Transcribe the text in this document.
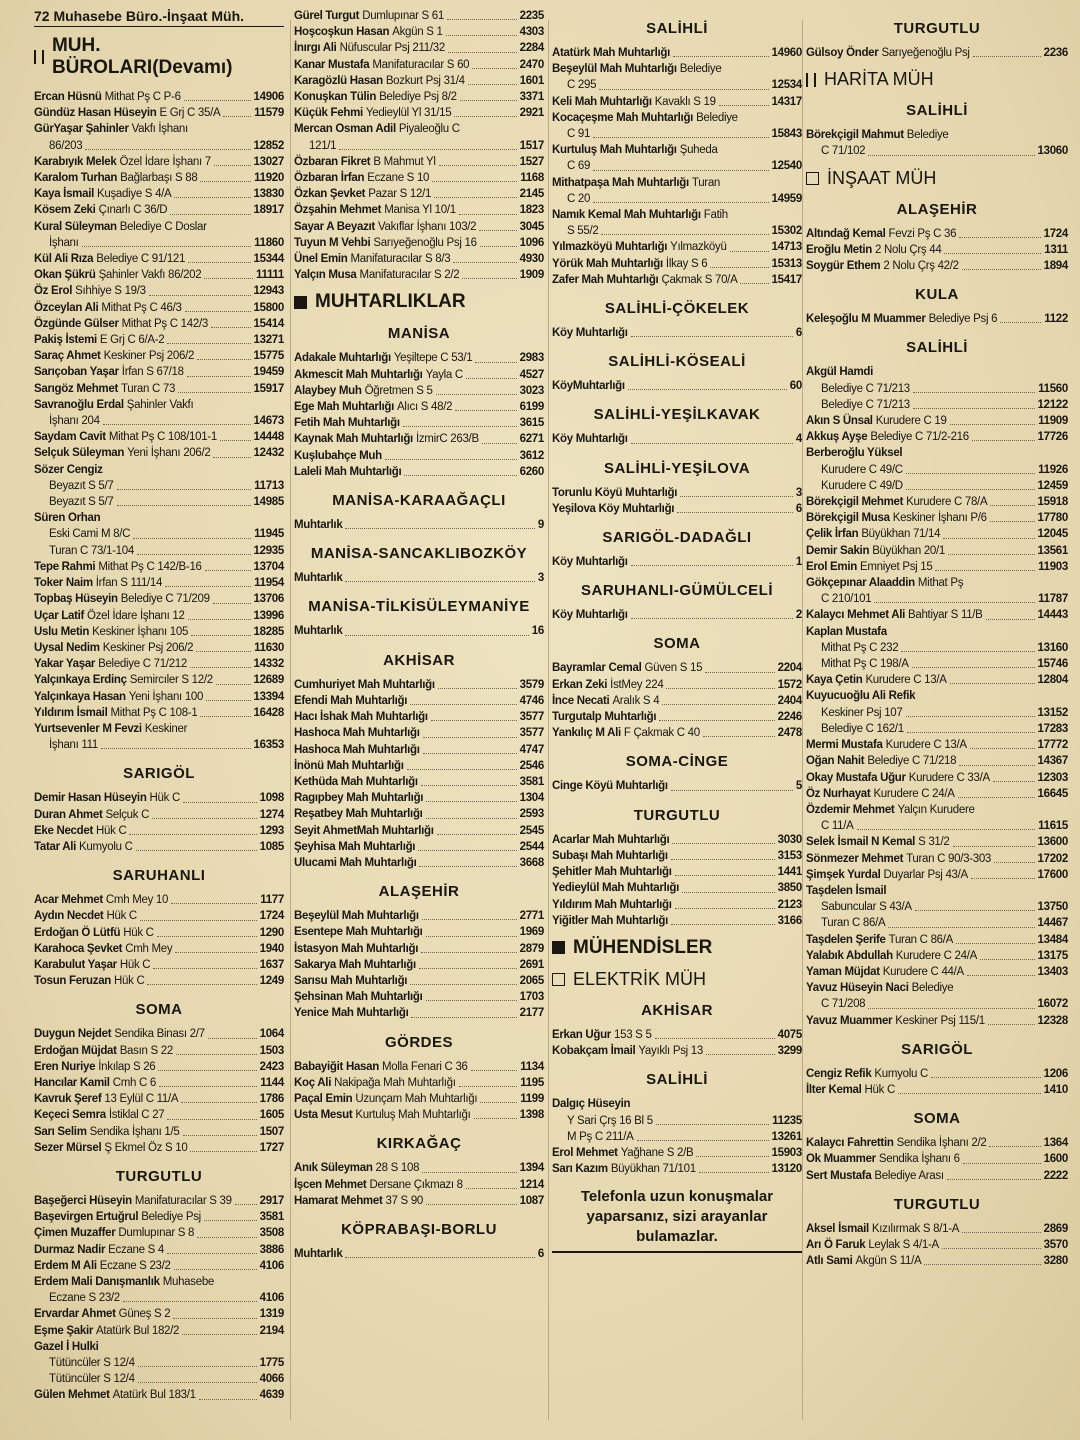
72 Muhasebe Büro.-İnşaat Müh.
MUH. BÜROLARI(Devamı)
Ercan Hüsnü Mithat Pş C P-6	14906
Gündüz Hasan Hüseyin E Grj C 35/A	11579
GürYaşar Şahinler Vakfı İşhanı
86/203	12852
Karabıyık Melek Özel İdare İşhanı 7	13027
Karalom Turhan Bağlarbaşı S 88	11920
Kaya İsmail Kuşadiye S 4/A	13830
Kösem Zeki Çınarlı C 36/D	18917
Kural Süleyman Belediye C Doslar
İşhanı	11860
Kül Ali Rıza Belediye C 91/121	15344
Okan Şükrü Şahinler Vakfı 86/202	11111
Öz Erol Sıhhiye S 19/3	12943
Özceylan Ali Mithat Pş C 46/3	15800
Özgünde Gülser Mithat Pş C 142/3	15414
Pakiş İstemi E Grj C 6/A-2	13271
Saraç Ahmet Keskiner Psj 206/2	15775
Sarıçoban Yaşar İrfan S 67/18	19459
Sarıgöz Mehmet Turan C 73	15917
Savranoğlu Erdal Şahinler Vakfı
İşhanı 204	14673
Saydam Cavit Mithat Pş C 108/101-1	14448
Selçuk Süleyman Yeni İşhanı 206/2	12432
Sözer Cengiz
Beyazıt S 5/7	11713
Beyazıt S 5/7	14985
Süren Orhan
Eski Cami M 8/C	11945
Turan C 73/1-104	12935
Tepe Rahmi Mithat Pş C 142/B-16	13704
Toker Naim İrfan S 111/14	11954
Topbaş Hüseyin Belediye C 71/209	13706
Uçar Latif Özel İdare İşhanı 12	13996
Uslu Metin Keskiner İşhanı 105	18285
Uysal Nedim Keskiner Psj 206/2	11630
Yakar Yaşar Belediye C 71/212	14332
Yalçınkaya Erdinç Semircıler S 12/2	12689
Yalçınkaya Hasan Yeni İşhanı 100	13394
Yıldırım İsmail Mithat Pş C 108-1	16428
Yurtsevenler M Fevzi Keskiner
İşhanı 111	16353
SARIGÖL
Demir Hasan Hüseyin Hük C	1098
Duran Ahmet Selçuk C	1274
Eke Necdet Hük C	1293
Tatar Ali Kumyolu C	1085
SARUHANLI
Acar Mehmet Cmh Mey 10	1177
Aydın Necdet Hük C	1724
Erdoğan Ö Lütfü Hük C	1290
Karahoca Şevket Cmh Mey	1940
Karabulut Yaşar Hük C	1637
Tosun Feruzan Hük C	1249
SOMA
Duygun Nejdet Sendika Binası 2/7	1064
Erdoğan Müjdat Basın S 22	1503
Eren Nuriye İnkılap S 26	2423
Hancılar Kamil Cmh C 6	1144
Kavruk Şeref 13 Eylül C 11/A	1786
Keçeci Semra İstiklal C 27	1605
Sarı Selim Sendika İşhanı 1/5	1507
Sezer Mürsel Ş Ekmel Öz S 10	1727
TURGUTLU
Başeğerci Hüseyin Manifaturacılar S 39 2917
Başevirgen Ertuğrul Belediye Psj	3581
Çimen Muzaffer Dumlupınar S 8	3508
Durmaz Nadir Eczane S 4	3886
Erdem M Ali Eczane S 23/2	4106
Erdem Mali Danışmanlık Muhasebe
Eczane S 23/2	4106
Ervardar Ahmet Güneş S 2	1319
Eşme Şakir Atatürk Bul 182/2	2194
Gazel İ Hulki
Tütüncüler S 12/4	1775
Tütüncüler S 12/4	4066
Gülen Mehmet Atatürk Bul 183/1	4639
Gürel Turgut Dumlupınar S 61	2235
Hoşcoşkun Hasan Akgün S 1	4303
İnırgı Ali Nüfuscular Psj 211/32	2284
Kanar Mustafa Manifaturacılar S 60	2470
Karagözlü Hasan Bozkurt Psj 31/4	1601
Konuşkan Tülin Belediye Psj 8/2	3371
Küçük Fehmi Yedieylül Yl 31/15	2921
Mercan Osman Adil Piyaleoğlu C
121/1	1517
Özbaran Fikret B Mahmut Yl	1527
Özbaran İrfan Eczane S 10	1168
Özkan Şevket Pazar S 12/1	2145
Özşahin Mehmet Manisa Yl 10/1	1823
Sayar A Beyazıt Vakıflar İşhanı 103/2	3045
Tuyun M Vehbi Sarıyeğenoğlu Psj 16	1096
Ünel Emin Manifaturacılar S 8/3	4930
Yalçın Musa Manifaturacılar S 2/2	1909
MUHTARLIKLAR
MANİSA
Adakale Muhtarlığı Yeşiltepe C 53/1	2983
Akmescit Mah Muhtarlığı Yayla C	4527
Alaybey Muh Öğretmen S 5	3023
Ege Mah Muhtarlığı Alıcı S 48/2	6199
Fetih Mah Muhtarlığı	3615
Kaynak Mah Muhtarlığı İzmirC 263/B	6271
Kuşlubahçe Muh	3612
Laleli Mah Muhtarlığı	6260
MANİSA-KARAAĞAÇLI
Muhtarlık	9
MANİSA-SANCAKLIBOZKÖY
Muhtarlık	3
MANİSA-TİLKİSÜLEYMANİYE
Muhtarlık	16
AKHİSAR
Cumhuriyet Mah Muhtarlığı	3579
Efendi Mah Muhtarlığı	4746
Hacı İshak Mah Muhtarlığı	3577
Hashoca Mah Muhtarlığı	3577
Hashoca Mah Muhtarlığı	4747
İnönü Mah Muhtarlığı	2546
Kethüda Mah Muhtarlığı	3581
Ragıpbey Mah Muhtarlığı	1304
Reşatbey Mah Muhtarlığı	2593
Seyit AhmetMah Muhtarlığı	2545
Şeyhisa Mah Muhtarlığı	2544
Ulucami Mah Muhtarlığı	3668
ALAŞEHİR
Beşeylül Mah Muhtarlığı	2771
Esentepe Mah Muhtarlığı	1969
İstasyon Mah Muhtarlığı	2879
Sakarya Mah Muhtarlığı	2691
Sarısu Mah Muhtarlığı	2065
Şehsinan Mah Muhtarlığı	1703
Yenice Mah Muhtarlığı	2177
GÖRDES
Babayiğit Hasan Molla Fenari C 36	1134
Koç Ali Nakipağa Mah Muhtarlığı	1195
Paçal Emin Uzunçam Mah Muhtarlığı	1199
Usta Mesut Kurtuluş Mah Muhtarlığı	1398
KIRKAĞAÇ
Anık Süleyman 28 S 108	1394
İşcen Mehmet Dersane Çıkmazı 8	1214
Hamarat Mehmet 37 S 90	1087
KÖPRABAŞI-BORLU
Muhtarlık	6
SALİHLİ
Atatürk Mah Muhtarlığı	14960
Beşeylül Mah Muhtarlığı Belediye
C 295	12534
Keli Mah Muhtarlığı Kavaklı S 19	14317
Kocaçeşme Mah Muhtarlığı Belediye
C 91	15843
Kurtuluş Mah Muhtarlığı Şuheda
C 69	12540
Mithatpaşa Mah Muhtarlığı Turan
C 20	14959
Namık Kemal Mah Muhtarlığı Fatih
S 55/2	15302
Yılmazköyü Muhtarlığı Yılmazköyü	14713
Yörük Mah Muhtarlığı İlkay S 6	15313
Zafer Mah Muhtarlığı Çakmak S 70/A	15417
SALİHLİ-ÇÖKELEK
Köy Muhtarlığı	6
SALİHLİ-KÖSEALİ
KöyMuhtarlığı	60
SALİHLİ-YEŞİLKAVAK
Köy Muhtarlığı	4
SALİHLİ-YEŞİLOVA
Torunlu Köyü Muhtarlığı	3
Yeşilova Köy Muhtarlığı	6
SARIGÖL-DADAĞLI
Köy Muhtarlığı	1
SARUHANLI-GÜMÜLCELİ
Köy Muhtarlığı	2
SOMA
Bayramlar Cemal Güven S 15	2204
Erkan Zeki İstMey 224	1572
İnce Necati Aralık S 4	2404
Turgutalp Muhtarlığı	2246
Yankılıç M Ali F Çakmak C 40	2478
SOMA-CİNGE
Cinge Köyü Muhtarlığı	5
TURGUTLU
Acarlar Mah Muhtarlığı	3030
Subaşı Mah Muhtarlığı	3153
Şehitler Mah Muhtarlığı	1441
Yedieylül Mah Muhtarlığı	3850
Yıldırım Mah Muhtarlığı	2123
Yiğitler Mah Muhtarlığı	3166
MÜHENDİSLER
ELEKTRİK MÜH
AKHİSAR
Erkan Uğur 153 S 5	4075
Kobakçam İmail Yayıklı Psj 13	3299
SALİHLİ
Dalgıç Hüseyin
Y Sari Çrş 16 Bl 5	11235
M Pş C 211/A	13261
Erol Mehmet Yağhane S 2/B	15903
Sarı Kazım Büyükhan 71/101	13120
Telefonla uzun konuşmalar
yaparsanız, sizi arayanlar
bulamazlar.
TURGUTLU
Gülsoy Önder Sarıyeğenoğlu Psj	2236
HARİTA MÜH
SALİHLİ
Börekçigil Mahmut Belediye
C 71/102	13060
İNŞAAT MÜH
ALAŞEHİR
Altındağ Kemal Fevzi Pş C 36	1724
Eroğlu Metin 2 Nolu Çrş 44	1311
Soygür Ethem 2 Nolu Çrş 42/2	1894
KULA
Keleşoğlu M Muammer Belediye Psj 6	1122
SALİHLİ
Akgül Hamdi
Belediye C 71/213	11560
Belediye C 71/213	12122
Akın S Ünsal Kurudere C 19	11909
Akkuş Ayşe Belediye C 71/2-216	17726
Berberoğlu Yüksel
Kurudere C 49/C	11926
Kurudere C 49/D	12459
Börekçigil Mehmet Kurudere C 78/A	15918
Börekçigil Musa Keskiner İşhanı P/6	17780
Çelik İrfan Büyükhan 71/14	12045
Demir Sakin Büyükhan 20/1	13561
Erol Emin Emniyet Psj 15	11903
Gökçepınar Alaaddin Mithat Pş
C 210/101	11787
Kalaycı Mehmet Ali Bahtiyar S 11/B	14443
Kaplan Mustafa
Mithat Pş C 232	13160
Mithat Pş C 198/A	15746
Kaya Çetin Kurudere C 13/A	12804
Kuyucuoğlu Ali Refik
Keskiner Psj 107	13152
Belediye C 162/1	17283
Mermi Mustafa Kurudere C 13/A	17772
Oğan Nahit Belediye C 71/218	14367
Okay Mustafa Uğur Kurudere C 33/A	12303
Öz Nurhayat Kurudere C 24/A	16645
Özdemir Mehmet Yalçın Kurudere
C 11/A	11615
Selek İsmail N Kemal S 31/2	13600
Sönmezer Mehmet Turan C 90/3-303	17202
Şimşek Yurdal Duyarlar Psj 43/A	17600
Taşdelen İsmail
Sabuncular S 43/A	13750
Turan C 86/A	14467
Taşdelen Şerife Turan C 86/A	13484
Yalabık Abdullah Kurudere C 24/A	13175
Yaman Müjdat Kurudere C 44/A	13403
Yavuz Hüseyin Naci Belediye
C 71/208	16072
Yavuz Muammer Keskiner Psj 115/1	12328
SARIGÖL
Cengiz Refik Kumyolu C	1206
İlter Kemal Hük C	1410
SOMA
Kalaycı Fahrettin Sendika İşhanı 2/2	1364
Ok Muammer Sendika İşhanı 6	1600
Sert Mustafa Belediye Arası	2222
TURGUTLU
Aksel İsmail Kızılırmak S 8/1-A	2869
Arı Ö Faruk Leylak S 4/1-A	3570
Atlı Sami Akgün S 11/A	3280
